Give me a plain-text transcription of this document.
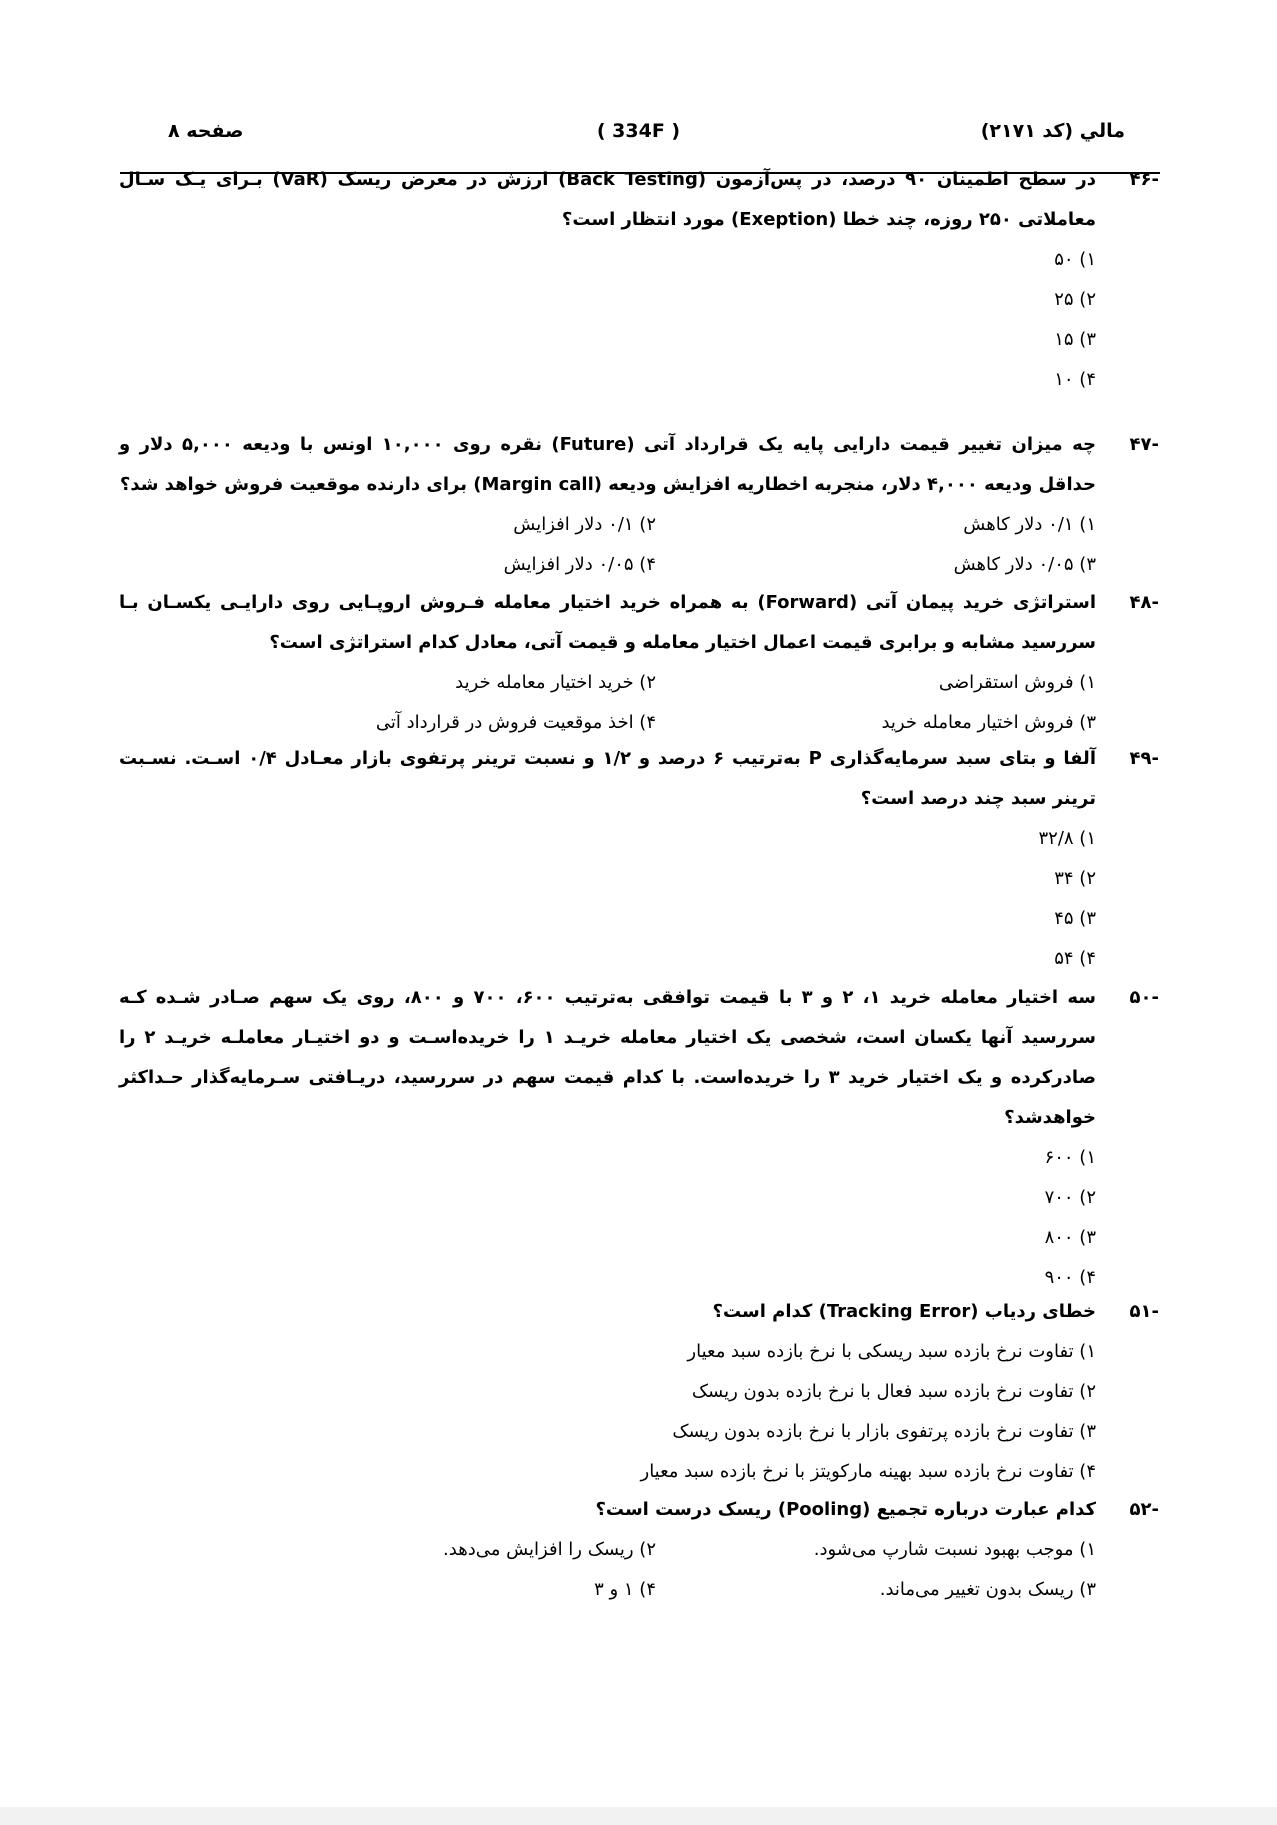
مالي (كد ۲۱۷۱)
( 334F )
صفحه ۸
-۴۶
در سطح اطمینان ۹۰ درصد، در پس‌آزمون (Back Testing) ارزش در معرض ریسک (VaR) بـرای یـک سـال معاملاتی ۲۵۰ روزه، چند خطا (Exeption) مورد انتظار است؟
۱) ۵۰
۲) ۲۵
۳) ۱۵
۴) ۱۰
-۴۷
چه میزان تغییر قیمت دارایی پایه یک قرارداد آتی (Future) نقره روی ۱۰,۰۰۰ اونس با ودیعه ۵,۰۰۰ دلار و حداقل ودیعه ۴,۰۰۰ دلار، منجربه اخطاریه افزایش ودیعه (Margin call) برای دارنده موقعیت فروش خواهد شد؟
۱) ۰/۱ دلار کاهش
۲) ۰/۱ دلار افزایش
۳) ۰/۰۵ دلار کاهش
۴) ۰/۰۵ دلار افزایش
-۴۸
استراتژی خرید پیمان آتی (Forward) به همراه خرید اختیار معامله فـروش اروپـایی روی دارایـی یکسـان بـا سررسید مشابه و برابری قیمت اعمال اختیار معامله و قیمت آتی، معادل کدام استراتژی است؟
۱) فروش استقراضی
۲) خرید اختیار معامله خرید
۳) فروش اختیار معامله خرید
۴) اخذ موقعیت فروش در قرارداد آتی
-۴۹
آلفا و بتای سبد سرمایه‌گذاری P به‌ترتیب ۶ درصد و ۱/۲ و نسبت ترینر پرتفوی بازار معـادل ۰/۴ اسـت. نسـبت ترینر سبد چند درصد است؟
۱) ۳۲/۸
۲) ۳۴
۳) ۴۵
۴) ۵۴
-۵۰
سه اختیار معامله خرید ۱، ۲ و ۳ با قیمت توافقی به‌ترتیب ۶۰۰، ۷۰۰ و ۸۰۰، روی یک سهم صـادر شـده کـه سررسید آنها یکسان است، شخصی یک اختیار معامله خریـد ۱ را خریده‌اسـت و دو اختیـار معاملـه خریـد ۲ را صادرکرده و یک اختیار خرید ۳ را خریده‌است. با کدام قیمت سهم در سررسید، دریـافتی سـرمایه‌گذار حـداکثر خواهدشد؟
۱) ۶۰۰
۲) ۷۰۰
۳) ۸۰۰
۴) ۹۰۰
-۵۱
خطای ردیاب (Tracking Error) کدام است؟
۱) تفاوت نرخ بازده سبد ریسکی با نرخ بازده سبد معیار
۲) تفاوت نرخ بازده سبد فعال با نرخ بازده بدون ریسک
۳) تفاوت نرخ بازده پرتفوی بازار با نرخ بازده بدون ریسک
۴) تفاوت نرخ بازده سبد بهینه مارکویتز با نرخ بازده سبد معیار
-۵۲
کدام عبارت درباره تجمیع (Pooling) ریسک درست است؟
۱) موجب بهبود نسبت شارپ می‌شود.
۲) ریسک را افزایش می‌دهد.
۳) ریسک بدون تغییر می‌ماند.
۴) ۱ و ۳
